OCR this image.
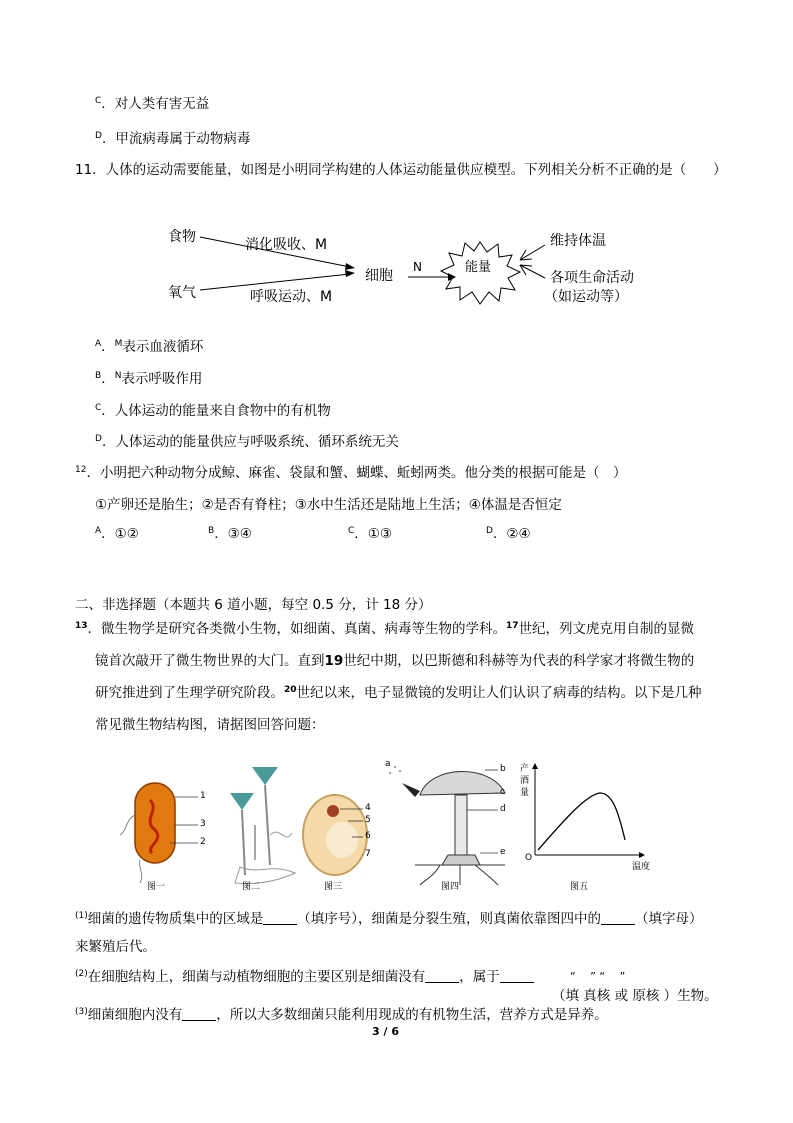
$^C$．对人类有害无益
$^D$．甲流病毒属于动物病毒
11．人体的运动需要能量，如图是小明同学构建的人体运动能量供应模型。下列相关分析不正确的是（　　）
食物
氧气
消化吸收、M
呼吸运动、M
细胞
N	能量
维持体温
各项生命活动
（如运动等）
$^A$．$^M$表示血液循环
$^B$．$^N$表示呼吸作用
$^C$．人体运动的能量来自食物中的有机物
$^D$．人体运动的能量供应与呼吸系统、循环系统无关
$^{12}$．小明把六种动物分成鲸、麻雀、袋鼠和蟹、蝴蝶、蚯蚓两类。他分类的根据可能是（　）
①产卵还是胎生；②是否有脊柱；③水中生活还是陆地上生活；④体温是否恒定
$^A$．①②	$^B$．③④	$^C$．①③	$^D$．②④
二、非选择题（本题共 6 道小题，每空 0.5 分，计 18 分）
$^{13}$．微生物学是研究各类微小生物，如细菌、真菌、病毒等生物的学科。$^{17}$世纪，列文虎克用自制的显微
镜首次敲开了微生物世界的大门。直到19世纪中期，以巴斯德和科赫等为代表的科学家才将微生物的
研究推进到了生理学研究阶段。$^{20}$世纪以来，电子显微镜的发明让人们认识了病毒的结构。以下是几种
常见微生物结构图，请据图回答问题：
1
3
2
4
5
6
7
a	b
c
d
e
产
酒
量
O
温度
图一	图二	图三	图四	图五
$^{(1)}$细菌的遗传物质集中的区域是	（填序号），细菌是分裂生殖，则真菌依靠图四中的	（填字母）
来繁殖后代。
$^{(2)}$在细胞结构上，细菌与动植物细胞的主要区别是细菌没有	，属于	“　 ” “　 ”
（填 真核 或 原核 ）生物。
$^{(3)}$细菌细胞内没有	，所以大多数细菌只能利用现成的有机物生活，营养方式是异养。
3 / 6
